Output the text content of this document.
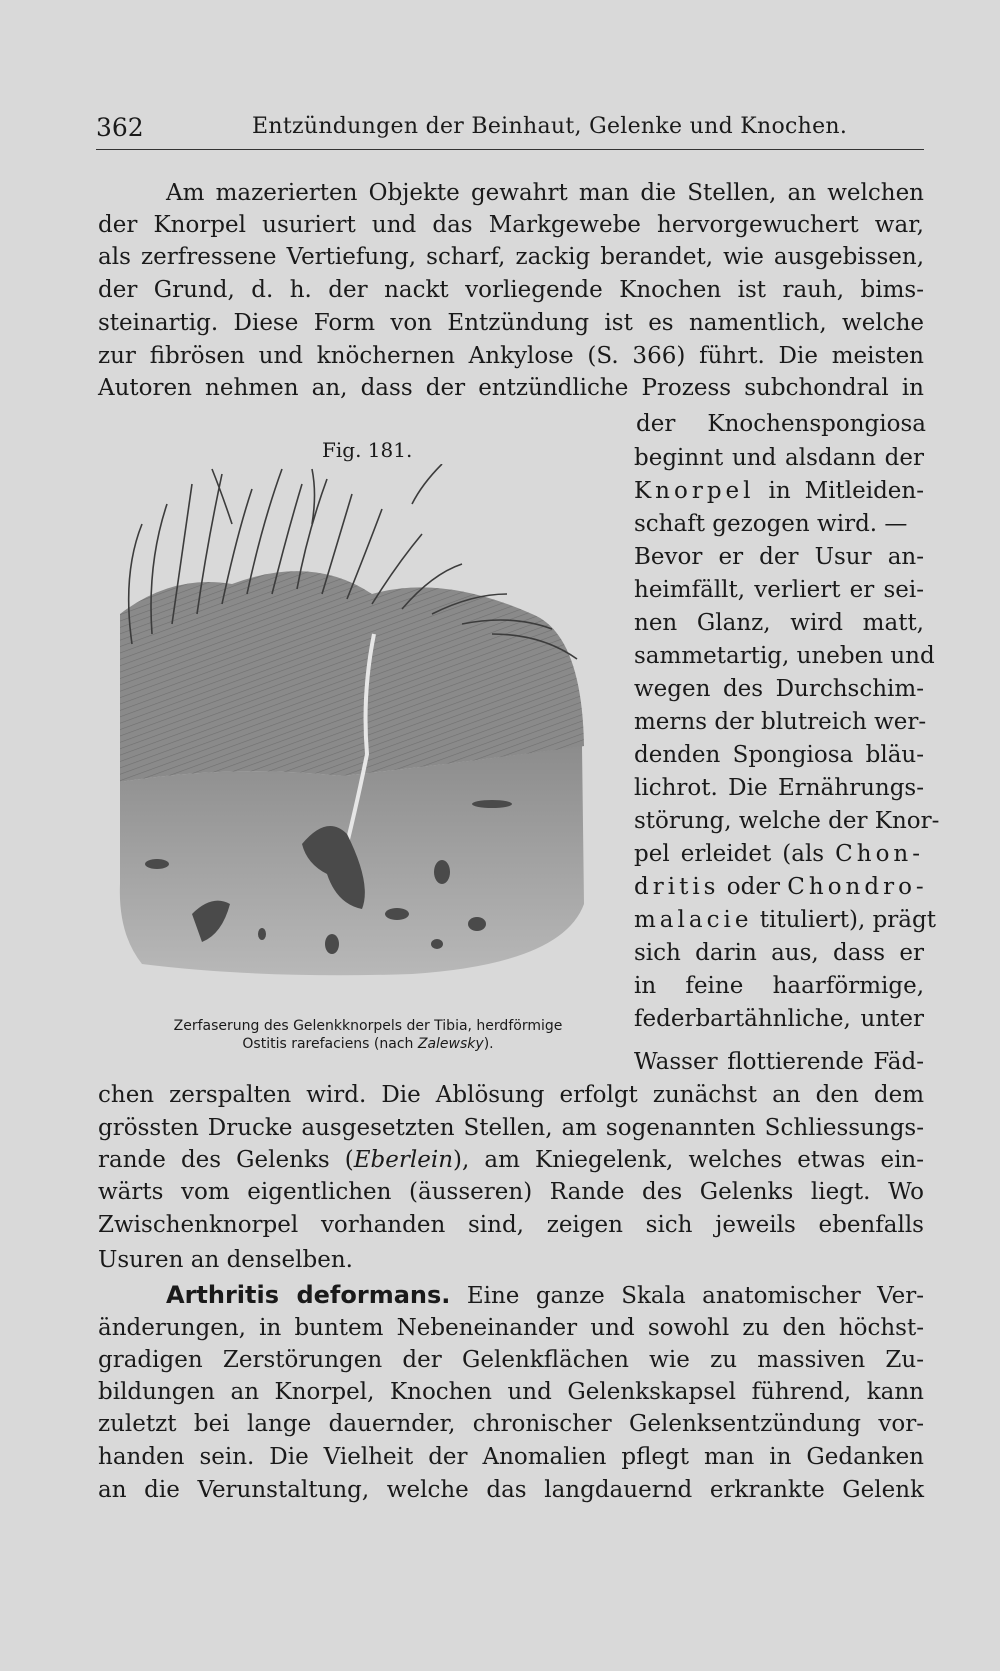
362	Entzündungen der Beinhaut, Gelenke und Knochen.
Am mazerierten Objekte gewahrt man die Stellen, an welchen
der Knorpel usuriert und das Markgewebe hervorgewuchert war,
als zerfressene Vertiefung, scharf, zackig berandet, wie ausgebissen,
der Grund, d. h. der nackt vorliegende Knochen ist rauh, bims-
steinartig. Diese Form von Entzündung ist es namentlich, welche
zur fibrösen und knöchernen Ankylose (S. 366) führt. Die meisten
Autoren nehmen an, dass der entzündliche Prozess subchondral in
der Knochenspongiosa
beginnt und alsdann der
Knorpel in Mitleiden-
schaft gezogen wird. —
Bevor er der Usur an-
heimfällt, verliert er sei-
nen Glanz, wird matt,
sammetartig, uneben und
wegen des Durchschim-
merns der blutreich wer-
denden Spongiosa bläu-
lichrot. Die Ernährungs-
störung, welche der Knor-
pel erleidet (als Chon-
dritis oder Chondro-
malacie tituliert), prägt
sich darin aus, dass er
in feine haarförmige,
federbartähnliche, unter
Wasser flottierende Fäd-
Fig. 181.
Zerfaserung des Gelenkknorpels der Tibia, herdförmige
Ostitis rarefaciens (nach Zalewsky).
chen zerspalten wird. Die Ablösung erfolgt zunächst an den dem
grössten Drucke ausgesetzten Stellen, am sogenannten Schliessungs-
rande des Gelenks (Eberlein), am Kniegelenk, welches etwas ein-
wärts vom eigentlichen (äusseren) Rande des Gelenks liegt. Wo
Zwischenknorpel vorhanden sind, zeigen sich jeweils ebenfalls
Usuren an denselben.
Arthritis deformans. Eine ganze Skala anatomischer Ver-
änderungen, in buntem Nebeneinander und sowohl zu den höchst-
gradigen Zerstörungen der Gelenkflächen wie zu massiven Zu-
bildungen an Knorpel, Knochen und Gelenkskapsel führend, kann
zuletzt bei lange dauernder, chronischer Gelenksentzündung vor-
handen sein. Die Vielheit der Anomalien pflegt man in Gedanken
an die Verunstaltung, welche das langdauernd erkrankte Gelenk
